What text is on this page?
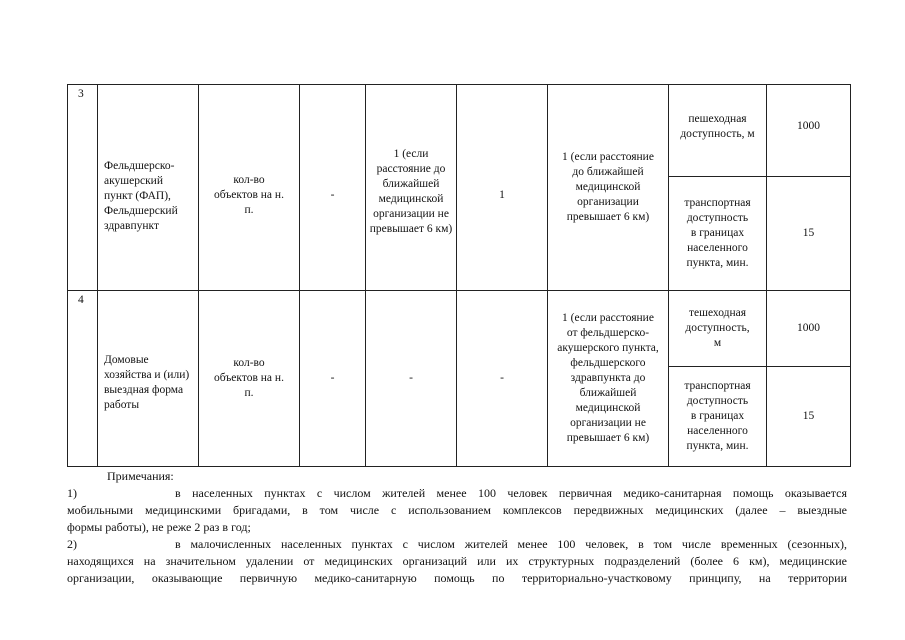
3	Фельдшерско-акушерский пункт (ФАП), Фельдшерский здравпункт	кол-во объектов на н. п.	-	1 (если расстояние до ближайшей медицинской организации не превышает 6 км)	1	1 (если расстояние до ближайшей медицинской организации превышает 6 км)	пешеходная доступность, м	1000

							транспортная доступность в границах населенного пункта, мин.	15
4	Домовые хозяйства и (или) выездная форма работы	кол-во объектов на н. п.	-	-	-	1 (если расстояние от фельдшерско-акушерского пункта, фельдшерского здравпункта до ближайшей медицинской организации не превышает 6 км)	тешеходная доступность, м	1000

							транспортная доступность в границах населенного пункта, мин.	15
Примечания:

1)	в населенных пунктах с числом жителей менее 100 человек первичная медико-санитарная помощь оказывается

мобильными медицинскими бригадами, в том числе с использованием комплексов передвижных медицинских (далее – выездные

формы работы), не реже 2 раз в год;

2)	в малочисленных населенных пунктах с числом жителей менее 100 человек, в том числе временных (сезонных),

находящихся на значительном удалении от медицинских организаций или их структурных подразделений (более 6 км), медицинские

организации, оказывающие первичную медико-санитарную помощь по территориально-участковому принципу, на территории
